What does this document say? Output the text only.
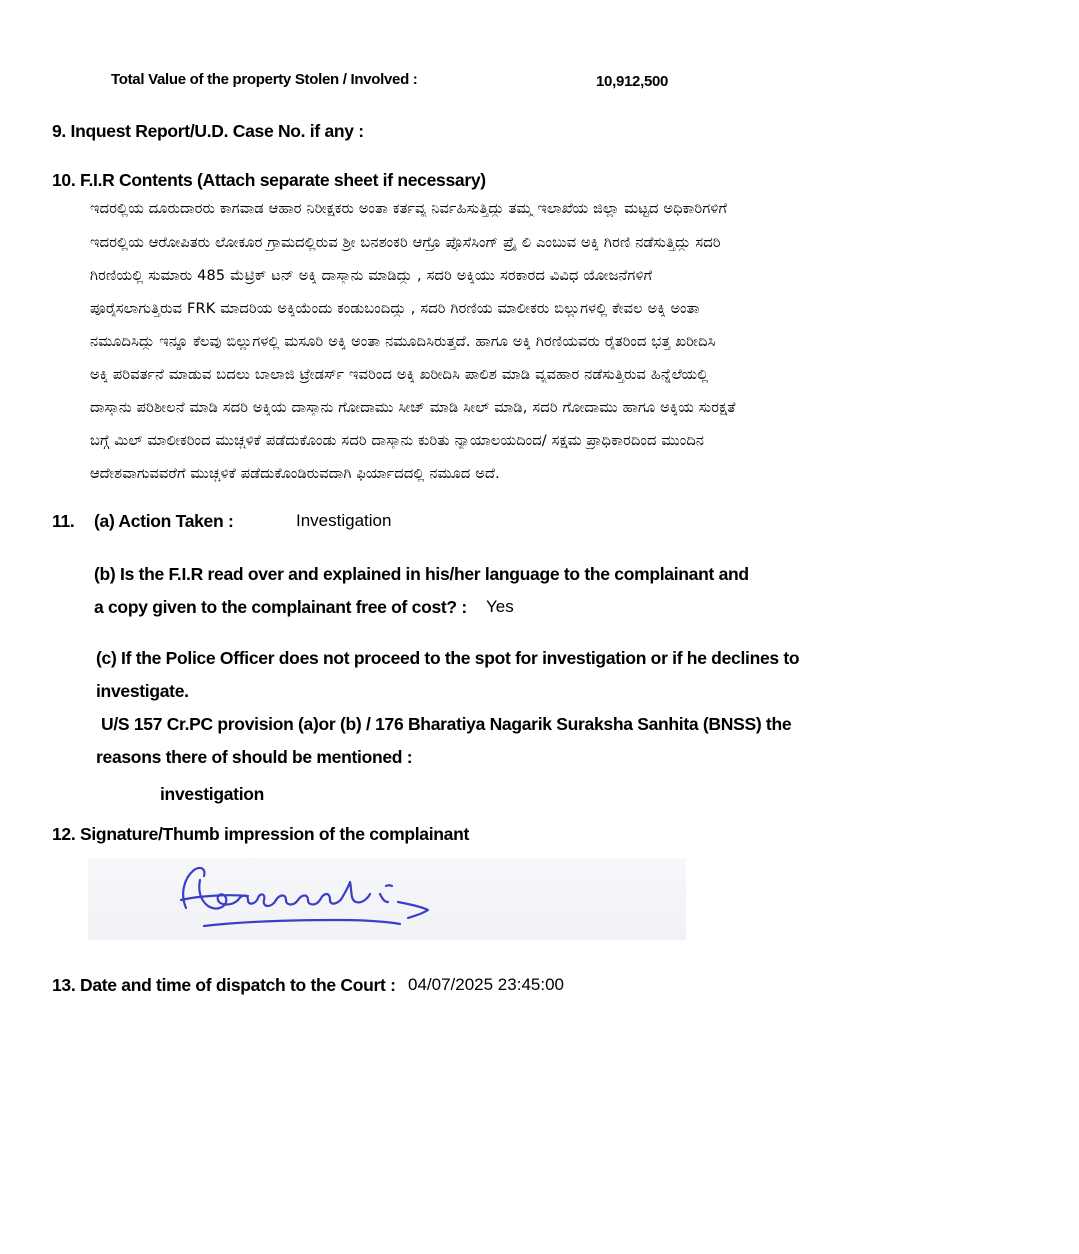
Total Value of the property Stolen / Involved :	10,912,500
9. Inquest Report/U.D. Case No. if any :
10. F.I.R Contents (Attach separate sheet if necessary)
ಇದರಲ್ಲಿಯ ದೂರುದಾರರು ಕಾಗವಾಡ ಆಹಾರ ನಿರೀಕ್ಷಕರು ಅಂತಾ ಕರ್ತವ್ಯ ನಿರ್ವಹಿಸುತ್ತಿದ್ದು ತಮ್ಮ ಇಲಾಖೆಯ ಜಿಲ್ಲಾ ಮಟ್ಟದ ಅಧಿಕಾರಿಗಳಿಗೆ
ಇದರಲ್ಲಿಯ ಆರೋಪಿತರು ಲೋಕೂರ ಗ್ರಾಮದಲ್ಲಿರುವ ಶ್ರೀ ಬನಶಂಕರಿ ಆಗ್ರೊ ಪ್ರೊಸೆಸಿಂಗ್ ಪ್ರೈ ಲಿ ಎಂಬುವ ಅಕ್ಕಿ ಗಿರಣಿ ನಡೆಸುತ್ತಿದ್ದು ಸದರಿ
ಗಿರಣಿಯಲ್ಲಿ ಸುಮಾರು 485 ಮೆಟ್ರಿಕ್ ಟನ್ ಅಕ್ಕಿ ದಾಸ್ತಾನು ಮಾಡಿದ್ದು , ಸದರಿ ಅಕ್ಕಿಯು ಸರಕಾರದ ವಿವಿಧ ಯೋಜನೆಗಳಿಗೆ
ಪೂರೈಸಲಾಗುತ್ತಿರುವ FRK ಮಾದರಿಯ ಅಕ್ಕಿಯೆಂದು ಕಂಡುಬಂದಿದ್ದು , ಸದರಿ ಗಿರಣಿಯ ಮಾಲೀಕರು ಬಿಲ್ಲುಗಳಲ್ಲಿ ಕೇವಲ ಅಕ್ಕಿ ಅಂತಾ
ನಮೂದಿಸಿದ್ದು ಇನ್ನೂ ಕೆಲವು ಬಿಲ್ಲುಗಳಲ್ಲಿ ಮಸೂರಿ ಅಕ್ಕಿ ಅಂತಾ ನಮೂದಿಸಿರುತ್ತದೆ. ಹಾಗೂ ಅಕ್ಕಿ ಗಿರಣಿಯವರು ರೈತರಿಂದ ಭತ್ತ ಖರೀದಿಸಿ
ಅಕ್ಕಿ ಪರಿವರ್ತನೆ ಮಾಡುವ ಬದಲು ಬಾಲಾಜಿ ಟ್ರೇಡರ್ಸ್ ಇವರಿಂದ ಅಕ್ಕಿ ಖರೀದಿಸಿ ಪಾಲಿಶ ಮಾಡಿ ವ್ಯವಹಾರ ನಡೆಸುತ್ತಿರುವ ಹಿನ್ನೆಲೆಯಲ್ಲಿ
ದಾಸ್ತಾನು ಪರಿಶೀಲನೆ ಮಾಡಿ ಸದರಿ ಅಕ್ಕಿಯ ದಾಸ್ತಾನು ಗೋದಾಮು ಸೀಜ್ ಮಾಡಿ ಸೀಲ್ ಮಾಡಿ, ಸದರಿ ಗೋದಾಮು ಹಾಗೂ ಅಕ್ಕಿಯ ಸುರಕ್ಷತೆ
ಬಗ್ಗೆ ಮಿಲ್ ಮಾಲೀಕರಿಂದ ಮುಚ್ಚಳಿಕೆ ಪಡೆದುಕೊಂಡು ಸದರಿ ದಾಸ್ತಾನು ಕುರಿತು ನ್ಯಾಯಾಲಯದಿಂದ/ ಸಕ್ಷಮ ಪ್ರಾಧಿಕಾರದಿಂದ ಮುಂದಿನ
ಆದೇಶವಾಗುವವರೆಗೆ ಮುಚ್ಚಳಿಕೆ ಪಡೆದುಕೊಂಡಿರುವದಾಗಿ ಫಿರ್ಯಾದದಲ್ಲಿ ನಮೂದ ಅದೆ.
11. (a) Action Taken :	Investigation
(b) Is the F.I.R read over and explained in his/her language to the complainant and
a copy given to the complainant free of cost? : Yes
(c) If the Police Officer does not proceed to the spot for investigation or if he declines to
investigate.
U/S 157 Cr.PC provision (a)or (b) / 176 Bharatiya Nagarik Suraksha Sanhita (BNSS) the
reasons there of should be mentioned :
investigation
12. Signature/Thumb impression of the complainant
13. Date and time of dispatch to the Court : 04/07/2025 23:45:00
